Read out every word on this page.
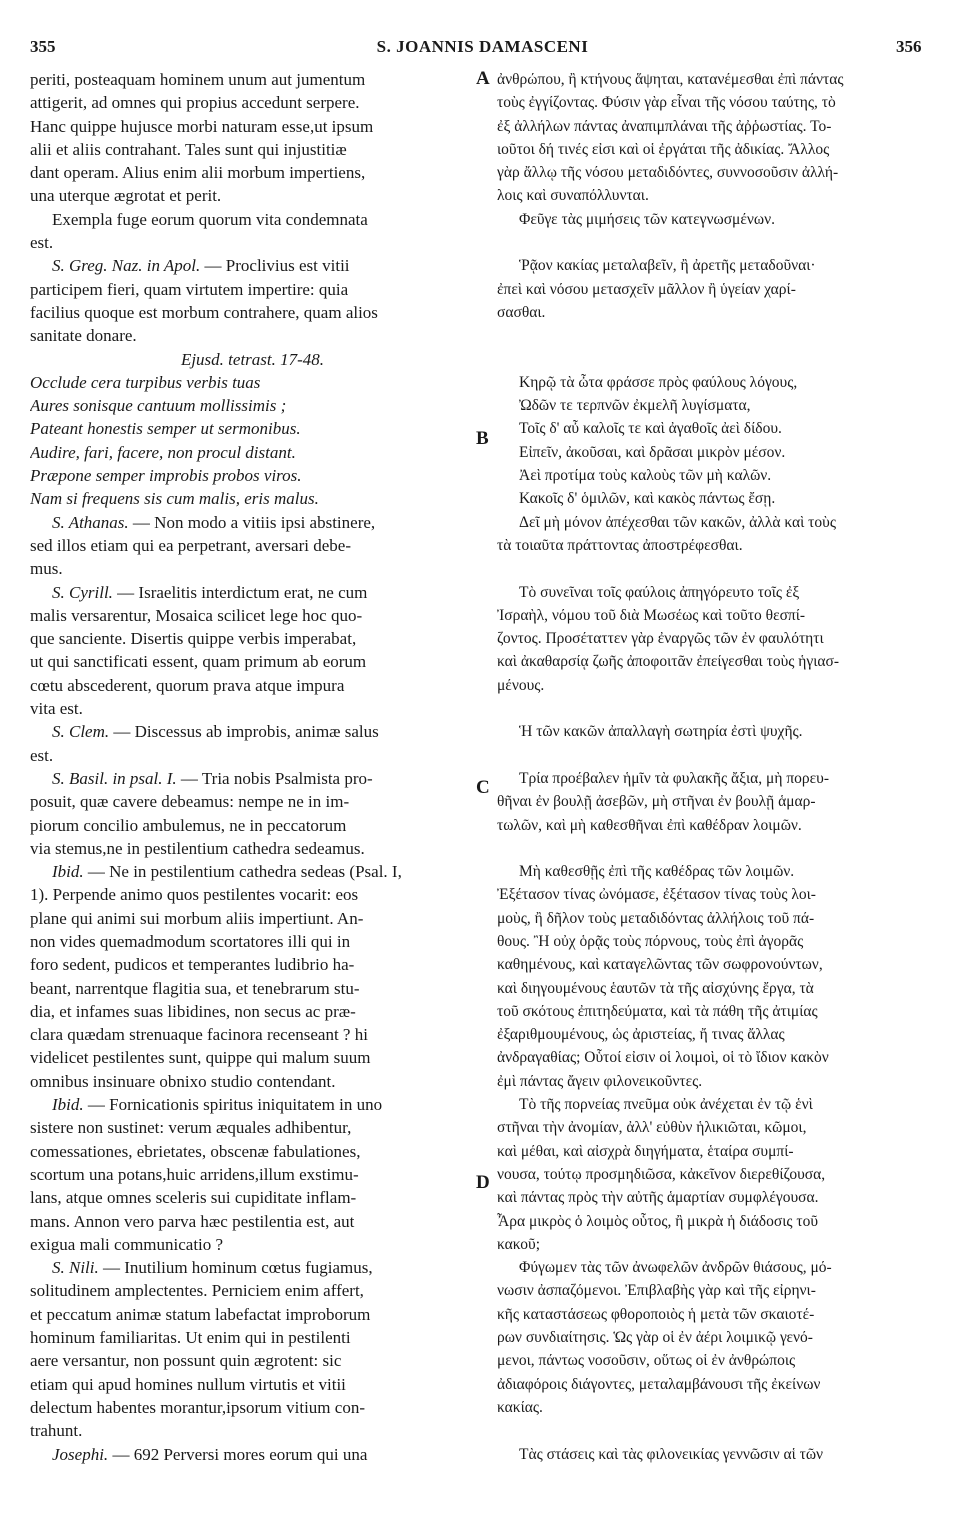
355	S. JOANNIS DAMASCENI	356
A
B
C
D
periti, posteaquam hominem unum aut jumentum
attigerit, ad omnes qui propius accedunt serpere.
Hanc quippe hujusce morbi naturam esse,ut ipsum
alii et aliis contrahant. Tales sunt qui injustitiæ
dant operam. Alius enim alii morbum impertiens,
una uterque ægrotat et perit.
Exempla fuge eorum quorum vita condemnata
est.
S. Greg. Naz. in Apol. — Proclivius est vitii
participem fieri, quam virtutem impertire: quia
facilius quoque est morbum contrahere, quam alios
sanitate donare.
Ejusd. tetrast. 17-48.
Occlude cera turpibus verbis tuas
Aures sonisque cantuum mollissimis ;
Pateant honestis semper ut sermonibus.
Audire, fari, facere, non procul distant.
Præpone semper improbis probos viros.
Nam si frequens sis cum malis, eris malus.
S. Athanas. — Non modo a vitiis ipsi abstinere,
sed illos etiam qui ea perpetrant, aversari debe-
mus.
S. Cyrill. — Israelitis interdictum erat, ne cum
malis versarentur, Mosaica scilicet lege hoc quo-
que sanciente. Disertis quippe verbis imperabat,
ut qui sanctificati essent, quam primum ab eorum
cœtu abscederent, quorum prava atque impura
vita est.
S. Clem. — Discessus ab improbis, animæ salus
est.
S. Basil. in psal. I. — Tria nobis Psalmista pro-
posuit, quæ cavere debeamus: nempe ne in im-
piorum concilio ambulemus, ne in peccatorum
via stemus,ne in pestilentium cathedra sedeamus.
Ibid. — Ne in pestilentium cathedra sedeas (Psal. I,
1). Perpende animo quos pestilentes vocarit: eos
plane qui animi sui morbum aliis impertiunt. An-
non vides quemadmodum scortatores illi qui in
foro sedent, pudicos et temperantes ludibrio ha-
beant, narrentque flagitia sua, et tenebrarum stu-
dia, et infames suas libidines, non secus ac præ-
clara quædam strenuaque facinora recenseant ? hi
videlicet pestilentes sunt, quippe qui malum suum
omnibus insinuare obnixo studio contendant.
Ibid. — Fornicationis spiritus iniquitatem in uno
sistere non sustinet: verum æquales adhibentur,
comessationes, ebrietates, obscenæ fabulationes,
scortum una potans,huic arridens,illum exstimu-
lans, atque omnes sceleris sui cupiditate inflam-
mans. Annon vero parva hæc pestilentia est, aut
exigua mali communicatio ?
S. Nili. — Inutilium hominum cœtus fugiamus,
solitudinem amplectentes. Perniciem enim affert,
et peccatum animæ statum labefactat improborum
hominum familiaritas. Ut enim qui in pestilenti
aere versantur, non possunt quin ægrotent: sic
etiam qui apud homines nullum virtutis et vitii
delectum habentes morantur,ipsorum vitium con-
trahunt.
Josephi. — 692 Perversi mores eorum qui una
ἀνθρώπου, ἢ κτήνους ἅψηται, κατανέμεσθαι ἐπὶ πάντας
τοὺς ἐγγίζοντας. Φύσιν γὰρ εἶναι τῆς νόσου ταύτης, τὸ
ἐξ ἀλλήλων πάντας ἀναπιμπλάναι τῆς ἀῤῥωστίας. Το-
ιοῦτοι δή τινές εἰσι καὶ οἱ ἐργάται τῆς ἀδικίας. Ἄλλος
γὰρ ἄλλῳ τῆς νόσου μεταδιδόντες, συννοσοῦσιν ἀλλή-
λοις καὶ συναπόλλυνται.
Φεῦγε τὰς μιμήσεις τῶν κατεγνωσμένων.
Ῥᾷον κακίας μεταλαβεῖν, ἢ ἀρετῆς μεταδοῦναι·
ἐπεὶ καὶ νόσου μετασχεῖν μᾶλλον ἢ ὑγείαν χαρί-
σασθαι.
Κηρῷ τὰ ὦτα φράσσε πρὸς φαύλους λόγους,
Ὠδῶν τε τερπνῶν ἐκμελῆ λυγίσματα,
Τοῖς δ' αὖ καλοῖς τε καὶ ἀγαθοῖς ἀεὶ δίδου.
Εἰπεῖν, ἀκοῦσαι, καὶ δρᾶσαι μικρὸν μέσον.
Ἀεὶ προτίμα τοὺς καλοὺς τῶν μὴ καλῶν.
Κακοῖς δ' ὁμιλῶν, καὶ κακὸς πάντως ἔσῃ.
Δεῖ μὴ μόνον ἀπέχεσθαι τῶν κακῶν, ἀλλὰ καὶ τοὺς
τὰ τοιαῦτα πράττοντας ἀποστρέφεσθαι.
Τὸ συνεῖναι τοῖς φαύλοις ἀπηγόρευτο τοῖς ἐξ
Ἰσραὴλ, νόμου τοῦ διὰ Μωσέως καὶ τοῦτο θεσπί-
ζοντος. Προσέταττεν γὰρ ἐναργῶς τῶν ἐν φαυλότητι
καὶ ἀκαθαρσίᾳ ζωῆς ἀποφοιτᾶν ἐπείγεσθαι τοὺς ἡγιασ-
μένους.
Ἡ τῶν κακῶν ἀπαλλαγὴ σωτηρία ἐστὶ ψυχῆς.
Τρία προέβαλεν ἡμῖν τὰ φυλακῆς ἄξια, μὴ πορευ-
θῆναι ἐν βουλῇ ἀσεβῶν, μὴ στῆναι ἐν βουλῇ ἁμαρ-
τωλῶν, καὶ μὴ καθεσθῆναι ἐπὶ καθέδραν λοιμῶν.
Μὴ καθεσθῇς ἐπὶ τῆς καθέδρας τῶν λοιμῶν.
Ἐξέτασον τίνας ὠνόμασε, ἐξέτασον τίνας τοὺς λοι-
μοὺς, ἢ δῆλον τοὺς μεταδιδόντας ἀλλήλοις τοῦ πά-
θους. Ἢ οὐχ ὁρᾷς τοὺς πόρνους, τοὺς ἐπὶ ἀγορᾶς
καθημένους, καὶ καταγελῶντας τῶν σωφρονούντων,
καὶ διηγουμένους ἑαυτῶν τὰ τῆς αἰσχύνης ἔργα, τὰ
τοῦ σκότους ἐπιτηδεύματα, καὶ τὰ πάθη τῆς ἀτιμίας
ἐξαριθμουμένους, ὡς ἀριστείας, ἤ τινας ἄλλας
ἀνδραγαθίας; Οὗτοί εἰσιν οἱ λοιμοὶ, οἱ τὸ ἴδιον κακὸν
ἐμὶ πάντας ἄγειν φιλονεικοῦντες.
Τὸ τῆς πορνείας πνεῦμα οὐκ ἀνέχεται ἐν τῷ ἑνὶ
στῆναι τὴν ἀνομίαν, ἀλλ' εὐθὺν ἡλικιῶται, κῶμοι,
καὶ μέθαι, καὶ αἰσχρὰ διηγήματα, ἑταίρα συμπί-
νουσα, τούτῳ προσμηδιῶσα, κἀκεῖνον διερεθίζουσα,
καὶ πάντας πρὸς τὴν αὐτῆς ἁμαρτίαν συμφλέγουσα.
Ἆρα μικρὸς ὁ λοιμὸς οὗτος, ἢ μικρὰ ἡ διάδοσις τοῦ
κακοῦ;
Φύγωμεν τὰς τῶν ἀνωφελῶν ἀνδρῶν θιάσους, μό-
νωσιν ἀσπαζόμενοι. Ἐπιβλαβὴς γὰρ καὶ τῆς εἰρηνι-
κῆς καταστάσεως φθοροποιὸς ἡ μετὰ τῶν σκαιοτέ-
ρων συνδιαίτησις. Ὡς γὰρ οἱ ἐν ἀέρι λοιμικῷ γενό-
μενοι, πάντως νοσοῦσιν, οὕτως οἱ ἐν ἀνθρώποις
ἀδιαφόροις διάγοντες, μεταλαμβάνουσι τῆς ἐκείνων
κακίας.
Τὰς στάσεις καὶ τὰς φιλονεικίας γεννῶσιν αἱ τῶν
